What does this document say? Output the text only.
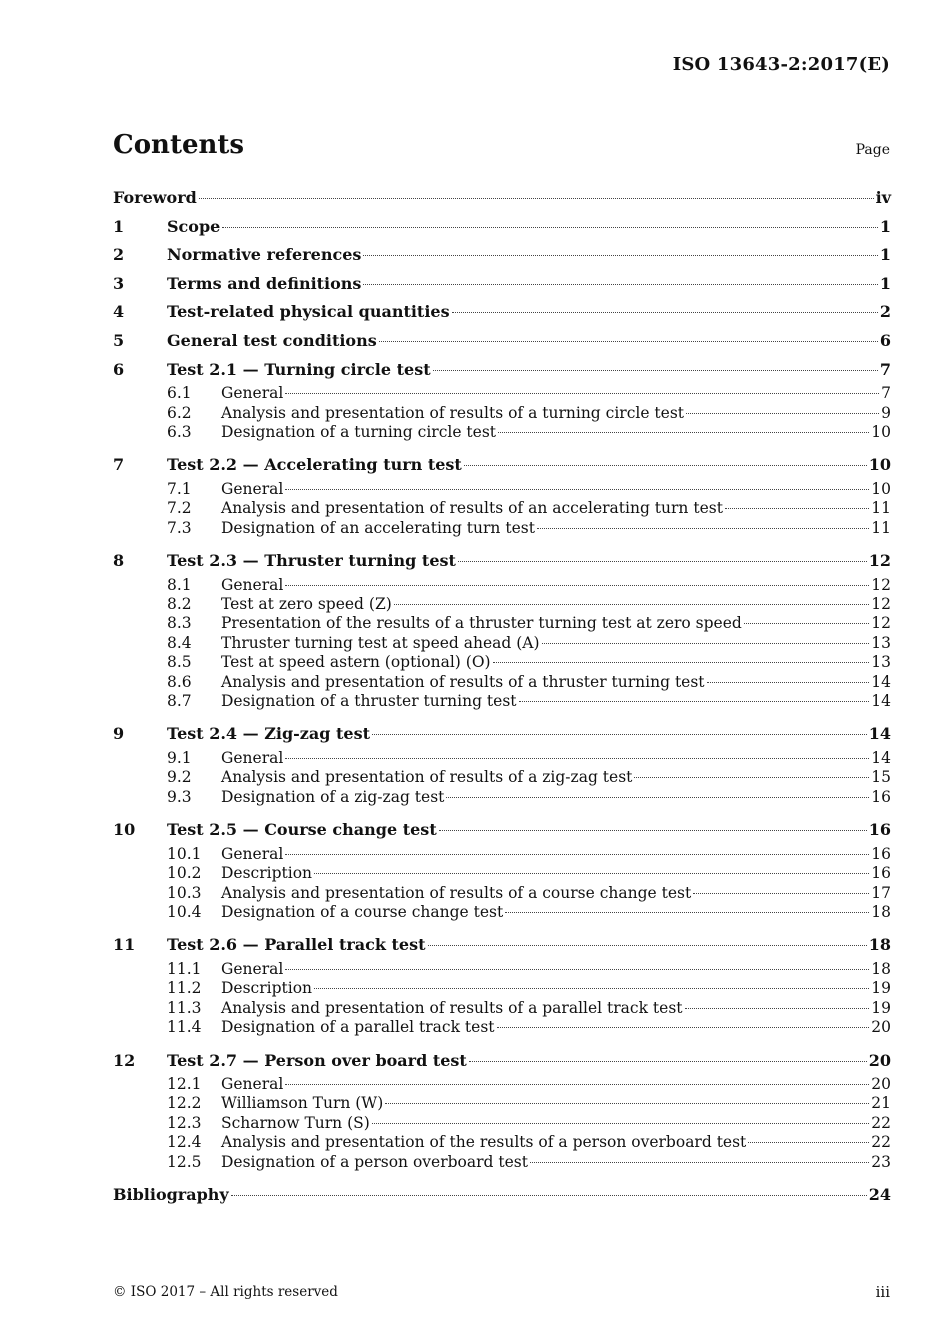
ISO 13643-2:2017(E)
Contents	Page
Foreword	iv
1	Scope	1
2	Normative references	1
3	Terms and definitions	1
4	Test-related physical quantities	2
5	General test conditions	6
6	Test 2.1 — Turning circle test	7
6.1	General	7
6.2	Analysis and presentation of results of a turning circle test	9
6.3	Designation of a turning circle test	10
7	Test 2.2 — Accelerating turn test	10
7.1	General	10
7.2	Analysis and presentation of results of an accelerating turn test	11
7.3	Designation of an accelerating turn test	11
8	Test 2.3 — Thruster turning test	12
8.1	General	12
8.2	Test at zero speed (Z)	12
8.3	Presentation of the results of a thruster turning test at zero speed	12
8.4	Thruster turning test at speed ahead (A)	13
8.5	Test at speed astern (optional) (O)	13
8.6	Analysis and presentation of results of a thruster turning test	14
8.7	Designation of a thruster turning test	14
9	Test 2.4 — Zig-zag test	14
9.1	General	14
9.2	Analysis and presentation of results of a zig-zag test	15
9.3	Designation of a zig-zag test	16
10	Test 2.5 — Course change test	16
10.1	General	16
10.2	Description	16
10.3	Analysis and presentation of results of a course change test	17
10.4	Designation of a course change test	18
11	Test 2.6 — Parallel track test	18
11.1	General	18
11.2	Description	19
11.3	Analysis and presentation of results of a parallel track test	19
11.4	Designation of a parallel track test	20
12	Test 2.7 — Person over board test	20
12.1	General	20
12.2	Williamson Turn (W)	21
12.3	Scharnow Turn (S)	22
12.4	Analysis and presentation of the results of a person overboard test	22
12.5	Designation of a person overboard test	23
Bibliography	24
© ISO 2017 – All rights reserved	iii
